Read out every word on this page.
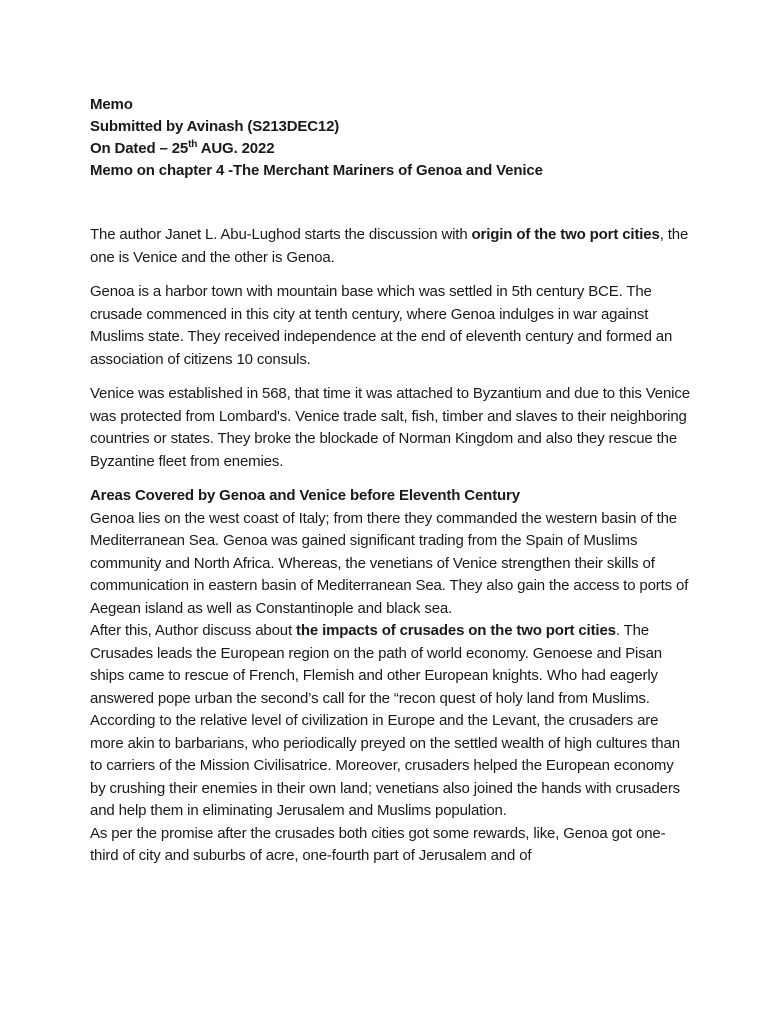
Memo
Submitted by Avinash (S213DEC12)
On Dated – 25th AUG. 2022
Memo on chapter 4 -The Merchant Mariners of Genoa and Venice

The author Janet L. Abu-Lughod starts the discussion with origin of the two port cities, the one is Venice and the other is Genoa.

Genoa is a harbor town with mountain base which was settled in 5th century BCE. The crusade commenced in this city at tenth century, where Genoa indulges in war against Muslims state. They received independence at the end of eleventh century and formed an association of citizens 10 consuls.

Venice was established in 568, that time it was attached to Byzantium and due to this Venice was protected from Lombard's. Venice trade salt, fish, timber and slaves to their neighboring countries or states. They broke the blockade of Norman Kingdom and also they rescue the Byzantine fleet from enemies.

Areas Covered by Genoa and Venice before Eleventh Century

Genoa lies on the west coast of Italy; from there they commanded the western basin of the Mediterranean Sea. Genoa was gained significant trading from the Spain of Muslims community and North Africa. Whereas, the venetians of Venice strengthen their skills of communication in eastern basin of Mediterranean Sea. They also gain the access to ports of Aegean island as well as Constantinople and black sea.

After this, Author discuss about the impacts of crusades on the two port cities. The Crusades leads the European region on the path of world economy. Genoese and Pisan ships came to rescue of French, Flemish and other European knights. Who had eagerly answered pope urban the second’s call for the “recon quest of holy land from Muslims. According to the relative level of civilization in Europe and the Levant, the crusaders are more akin to barbarians, who periodically preyed on the settled wealth of high cultures than to carriers of the Mission Civilisatrice. Moreover, crusaders helped the European economy by crushing their enemies in their own land; venetians also joined the hands with crusaders and help them in eliminating Jerusalem and Muslims population.

As per the promise after the crusades both cities got some rewards, like, Genoa got one-third of city and suburbs of acre, one-fourth part of Jerusalem and of
